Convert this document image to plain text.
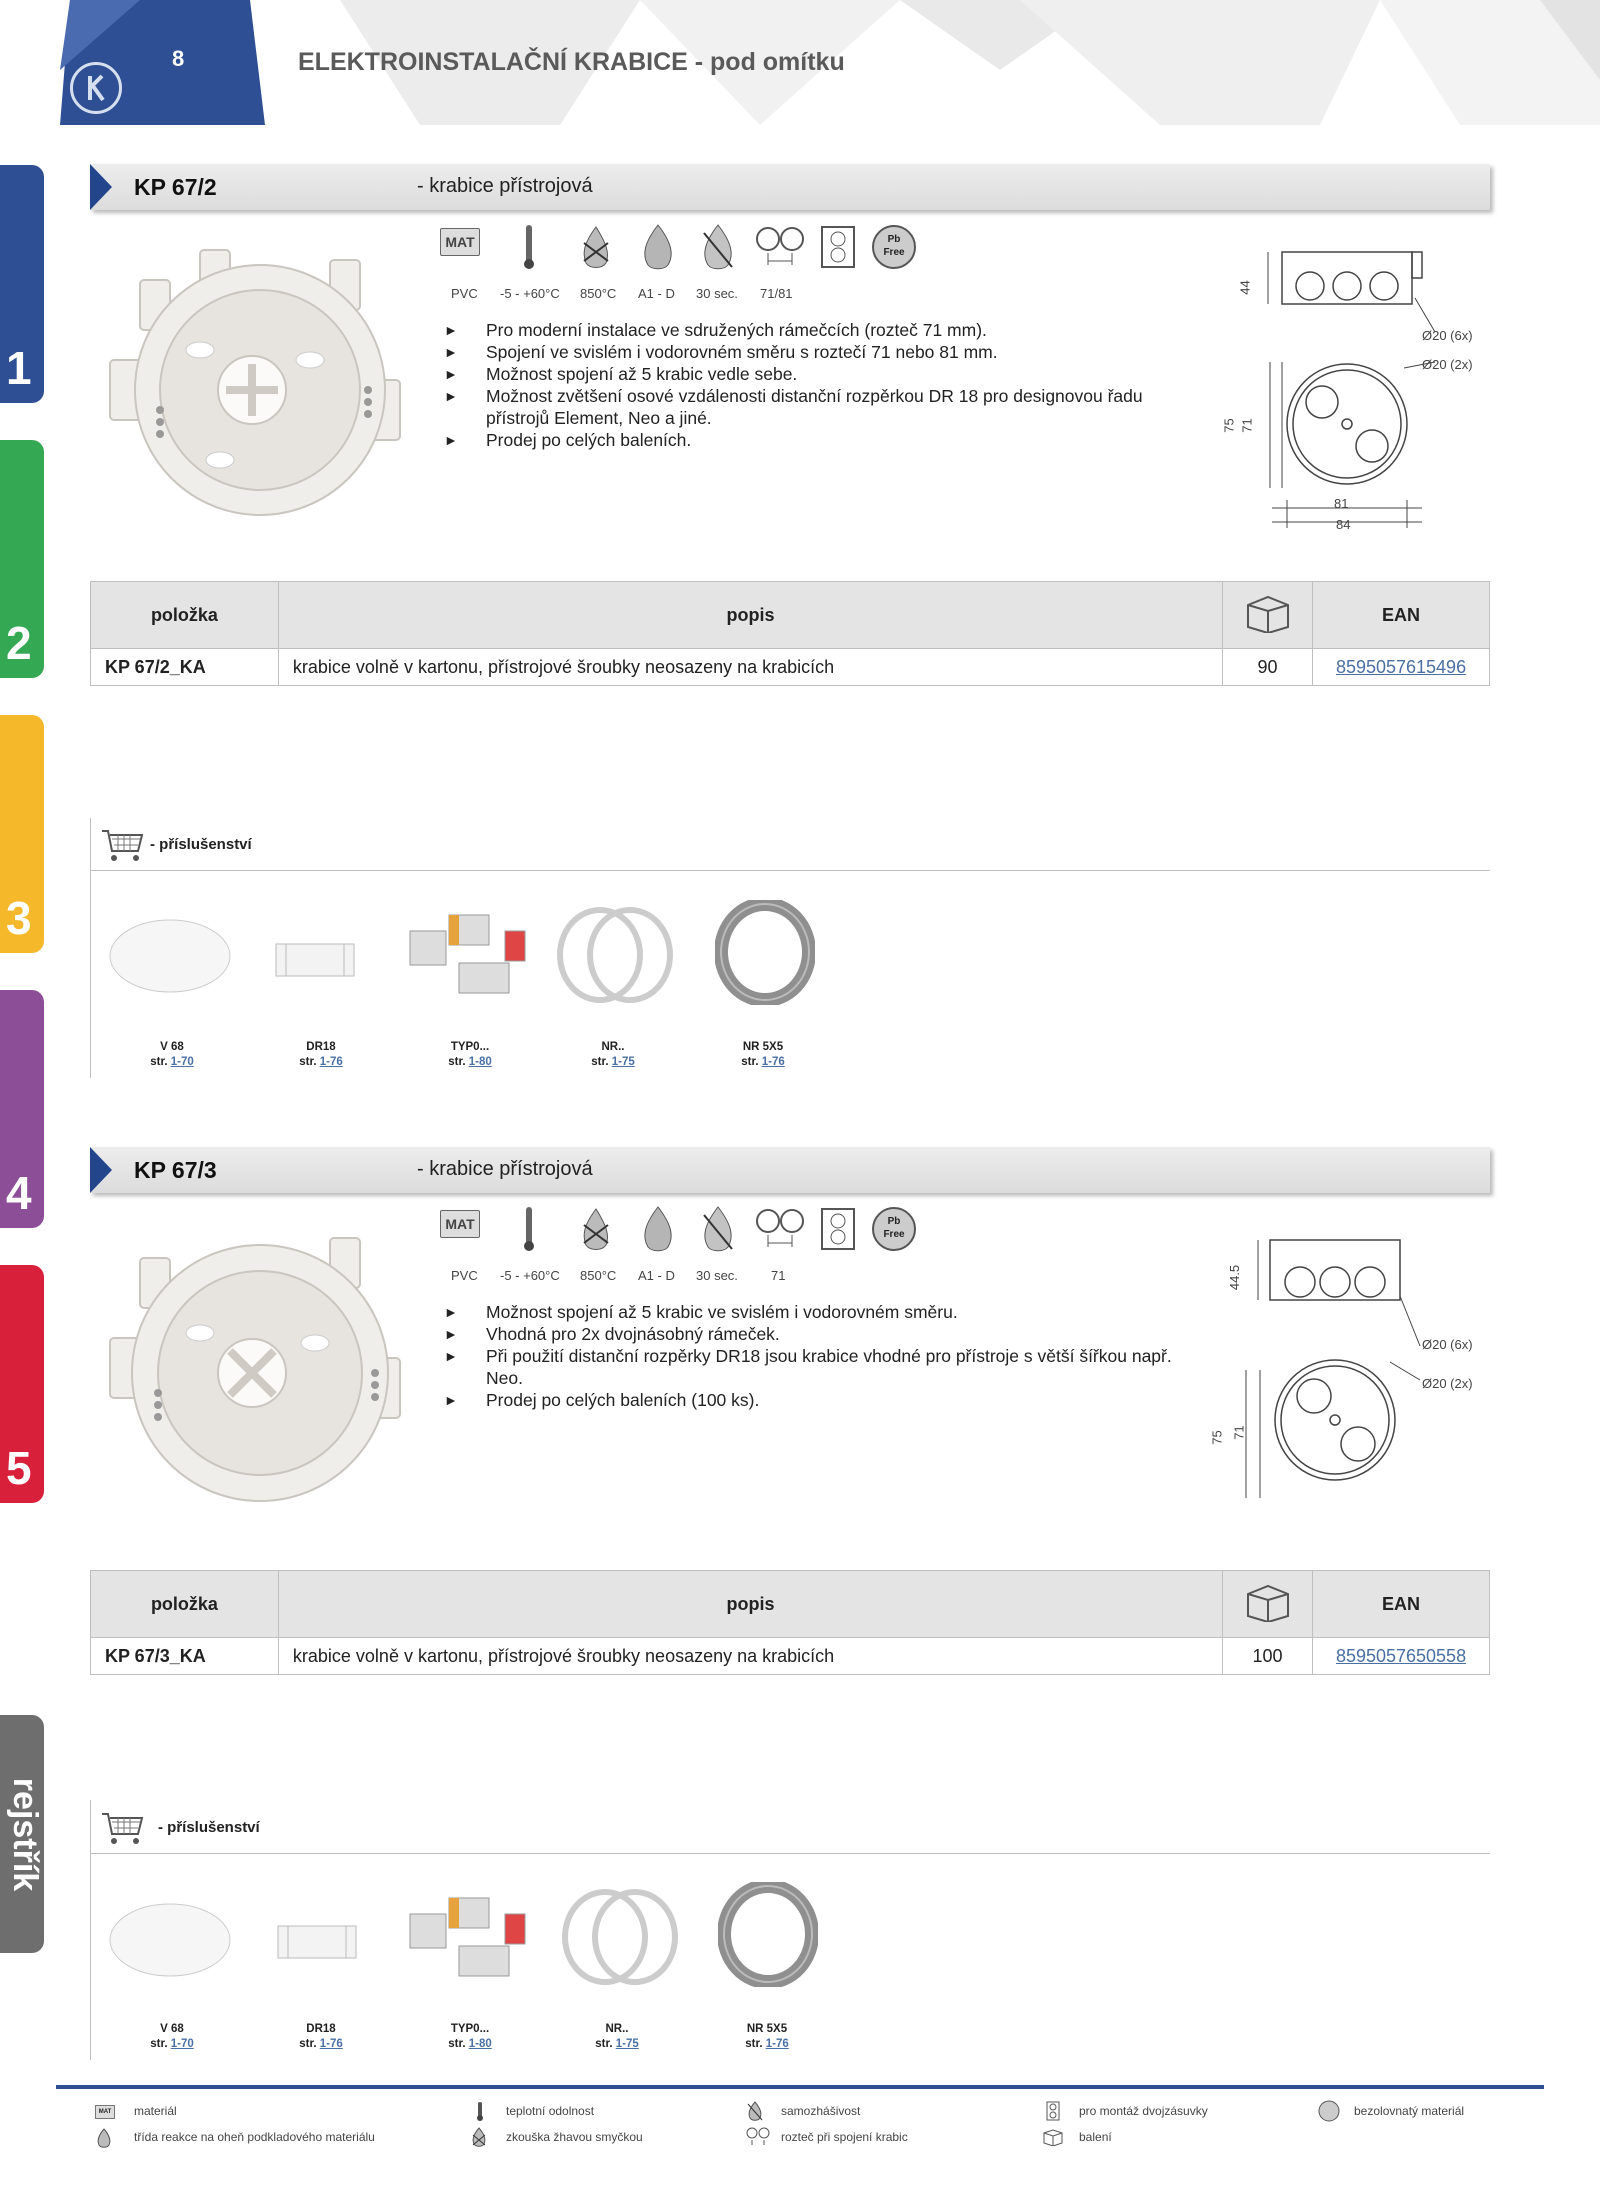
8	ELEKTROINSTALAČNÍ KRABICE - pod omítku
1
2
3
4
5
rejstřík
KP 67/2	- krabice přístrojová
MAT	Pb
Free
PVC -5 - +60°C 850°C A1 - D 30 sec. 71/81
► Pro moderní instalace ve sdružených rámečcích (rozteč 71 mm).
► Spojení ve svislém i vodorovném směru s roztečí 71 nebo 81 mm.
► Možnost spojení až 5 krabic vedle sebe.
► Možnost zvětšení osové vzdálenosti distanční rozpěrkou DR 18 pro designovou řadu přístrojů Element, Neo a jiné.
► Prodej po celých baleních.
44
75 71
81
84
Ø20 (6x)
Ø20 (2x)
položka	popis		EAN
KP 67/2_KA	krabice volně v kartonu, přístrojové šroubky neosazeny na krabicích	90	8595057615496
- příslušenství
V 68
str. 1-70
DR18
str. 1-76
TYP0...
str. 1-80
NR..
str. 1-75
NR 5X5
str. 1-76
KP 67/3	- krabice přístrojová
MAT	Pb
Free
PVC -5 - +60°C 850°C A1 - D 30 sec.	71
► Možnost spojení až 5 krabic ve svislém i vodorovném směru.
► Vhodná pro 2x dvojnásobný rámeček.
► Při použití distanční rozpěrky DR18 jsou krabice vhodné pro přístroje s větší šířkou např. Neo.
► Prodej po celých baleních (100 ks).
44.5
75 71
Ø20 (6x)
Ø20 (2x)
položka	popis		EAN
KP 67/3_KA	krabice volně v kartonu, přístrojové šroubky neosazeny na krabicích	100	8595057650558
- příslušenství
V 68
str. 1-70
DR18
str. 1-76
TYP0...
str. 1-80
NR..
str. 1-75
NR 5X5
str. 1-76
MAT	materiál
třída reakce na oheň podkladového materiálu
teplotní odolnost
zkouška žhavou smyčkou
samozhášivost
rozteč při spojení krabic
pro montáž dvojzásuvky
balení
bezolovnatý materiál
